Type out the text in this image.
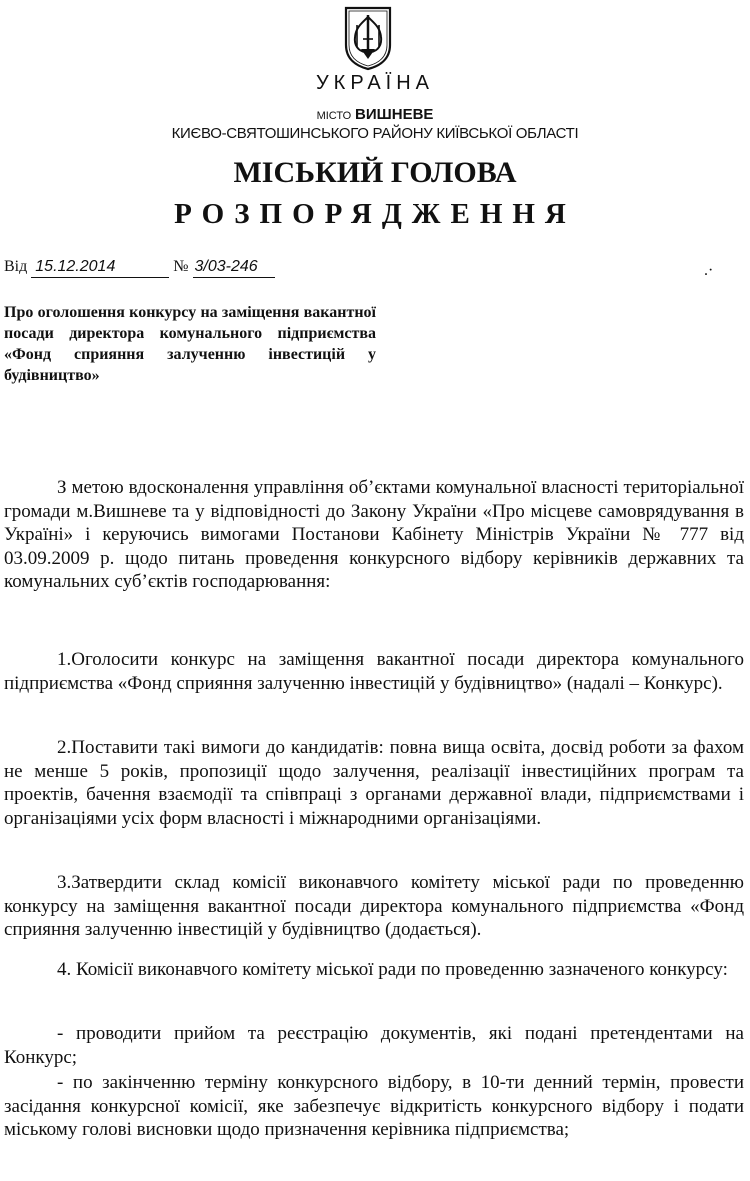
УКРАЇНА
МІСТО ВИШНЕВЕ
КИЄВО-СВЯТОШИНСЬКОГО РАЙОНУ КИЇВСЬКОЇ ОБЛАСТІ
МІСЬКИЙ ГОЛОВА
РОЗПОРЯДЖЕННЯ
Від 15.12.2014	№ 3/03-246	.·
Про оголошення конкурсу на заміщення вакантної посади директора комунального підприємства «Фонд сприяння залученню інвестицій у будівництво»
З метою вдосконалення управління об’єктами комунальної власності територіальної громади м.Вишневе та у відповідності до Закону України «Про місцеве самоврядування в Україні» і керуючись вимогами Постанови Кабінету Міністрів України № 777 від 03.09.2009 р. щодо питань проведення конкурсного відбору керівників державних та комунальних суб’єктів господарювання:
1.Оголосити конкурс на заміщення вакантної посади директора комунального підприємства «Фонд сприяння залученню інвестицій у будівництво» (надалі – Конкурс).
2.Поставити такі вимоги до кандидатів: повна вища освіта, досвід роботи за фахом не менше 5 років, пропозиції щодо залучення, реалізації інвестиційних програм та проектів, бачення взаємодії та співпраці з органами державної влади, підприємствами і організаціями усіх форм власності і міжнародними організаціями.
3.Затвердити склад комісії виконавчого комітету міської ради по проведенню конкурсу на заміщення вакантної посади директора комунального підприємства «Фонд сприяння залученню інвестицій у будівництво (додається).
4. Комісії виконавчого комітету міської ради по проведенню зазначеного конкурсу:
- проводити прийом та реєстрацію документів, які подані претендентами на Конкурс;
- по закінченню терміну конкурсного відбору, в 10-ти денний термін, провести засідання конкурсної комісії, яке забезпечує відкритість конкурсного відбору і подати міському голові висновки щодо призначення керівника підприємства;
